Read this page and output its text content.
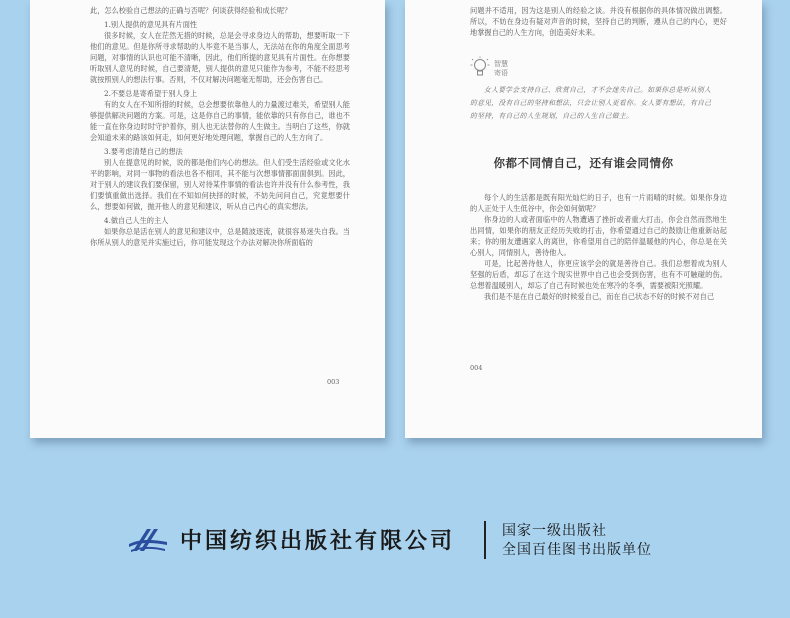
此，怎么校验自己想法的正确与否呢？何谈获得经验和成长呢？

1.别人提供的意见具有片面性

很多时候，女人在茫然无措的时候，总是会寻求身边人的帮助，想要听取一下他们的意见。但是你所寻求帮助的人毕竟不是当事人，无法站在你的角度全面思考问题，对事情的认识也可能不清晰，因此，他们所提的意见具有片面性。在你想要听取别人意见的时候，自己要清楚，别人提供的意见只能作为参考，不能不经思考就按照别人的想法行事。否则，不仅对解决问题毫无帮助，还会伤害自己。

2.不要总是寄希望于别人身上

有的女人在不知所措的时候，总会想要依靠他人的力量渡过难关，希望别人能够提供解决问题的方案。可是，这是你自己的事情，能依靠的只有你自己，谁也不能一直在你身边时时守护着你，别人也无法替你的人生做主。当明白了这些，你就会知道未来的路该如何走，如何更好地处理问题，掌握自己的人生方向了。

3.要考虑清楚自己的想法

别人在提意见的时候，说的都是他们内心的想法。但人们受生活经验或文化水平的影响，对同一事物的看法也各不相同，其不能与次想事情都面面俱到。因此，对于别人的建议我们要保留，别人对待某件事情的看法也许并没有什么参考性，我们要慎重做出选择。我们在不知如何抉择的时候，不妨先问问自己，究竟想要什么，想要如何做，抛开他人的意见和建议，听从自己内心的真实想法。

4.做自己人生的主人

如果你总是活在别人的意见和建议中，总是随波逐流，就很容易迷失自我。当你所从别人的意见并实施过后，你可能发现这个办法对解决你所面临的

003

问题并不适用，因为这是别人的经验之谈。并没有根据你的具体情况做出调整。所以，不妨在身边有疑对声音的时候，坚持自己的判断，遵从自己的内心，更好地掌握自己的人生方向，创造美好未来。

每个人的生活都是既有阳光灿烂的日子，也有一片雨晴的时候。如果你身边的人正处于人生低谷中，你会如何做呢？

你身边的人或者面临中的人物遭遇了挫折或者重大打击，你会自然而然地生出同情，如果你的朋友正经历失败的打击，你希望通过自己的鼓励让他重新站起来；你的朋友遭遇家人的离世，你希望用自己的陪伴温暖他的内心，你总是在关心别人，同情别人，善待他人。

可是，比起善待他人，你更应该学会的就是善待自己。我们总想着成为别人坚强的后盾，却忘了在这个现实世界中自己也会受到伤害，也有不可触碰的伤。总想着温暖别人，却忘了自己有时候也处在寒冷的冬季，需要被阳光照耀。

我们是不是在自己最好的时候爱自己，而在自己状态不好的时候不对自己

004
智慧寄语
女人要学会支持自己、欣赏自己，才不会迷失自己。如果你总是听从别人
的意见，没有自己的坚持和想法，只会让别人更看你。女人要有想法，有自己
的坚持，有自己的人生规划，自己的人生自己做主。
你都不同情自己，还有谁会同情你
中国纺织出版社有限公司	国家一级出版社
全国百佳图书出版单位
